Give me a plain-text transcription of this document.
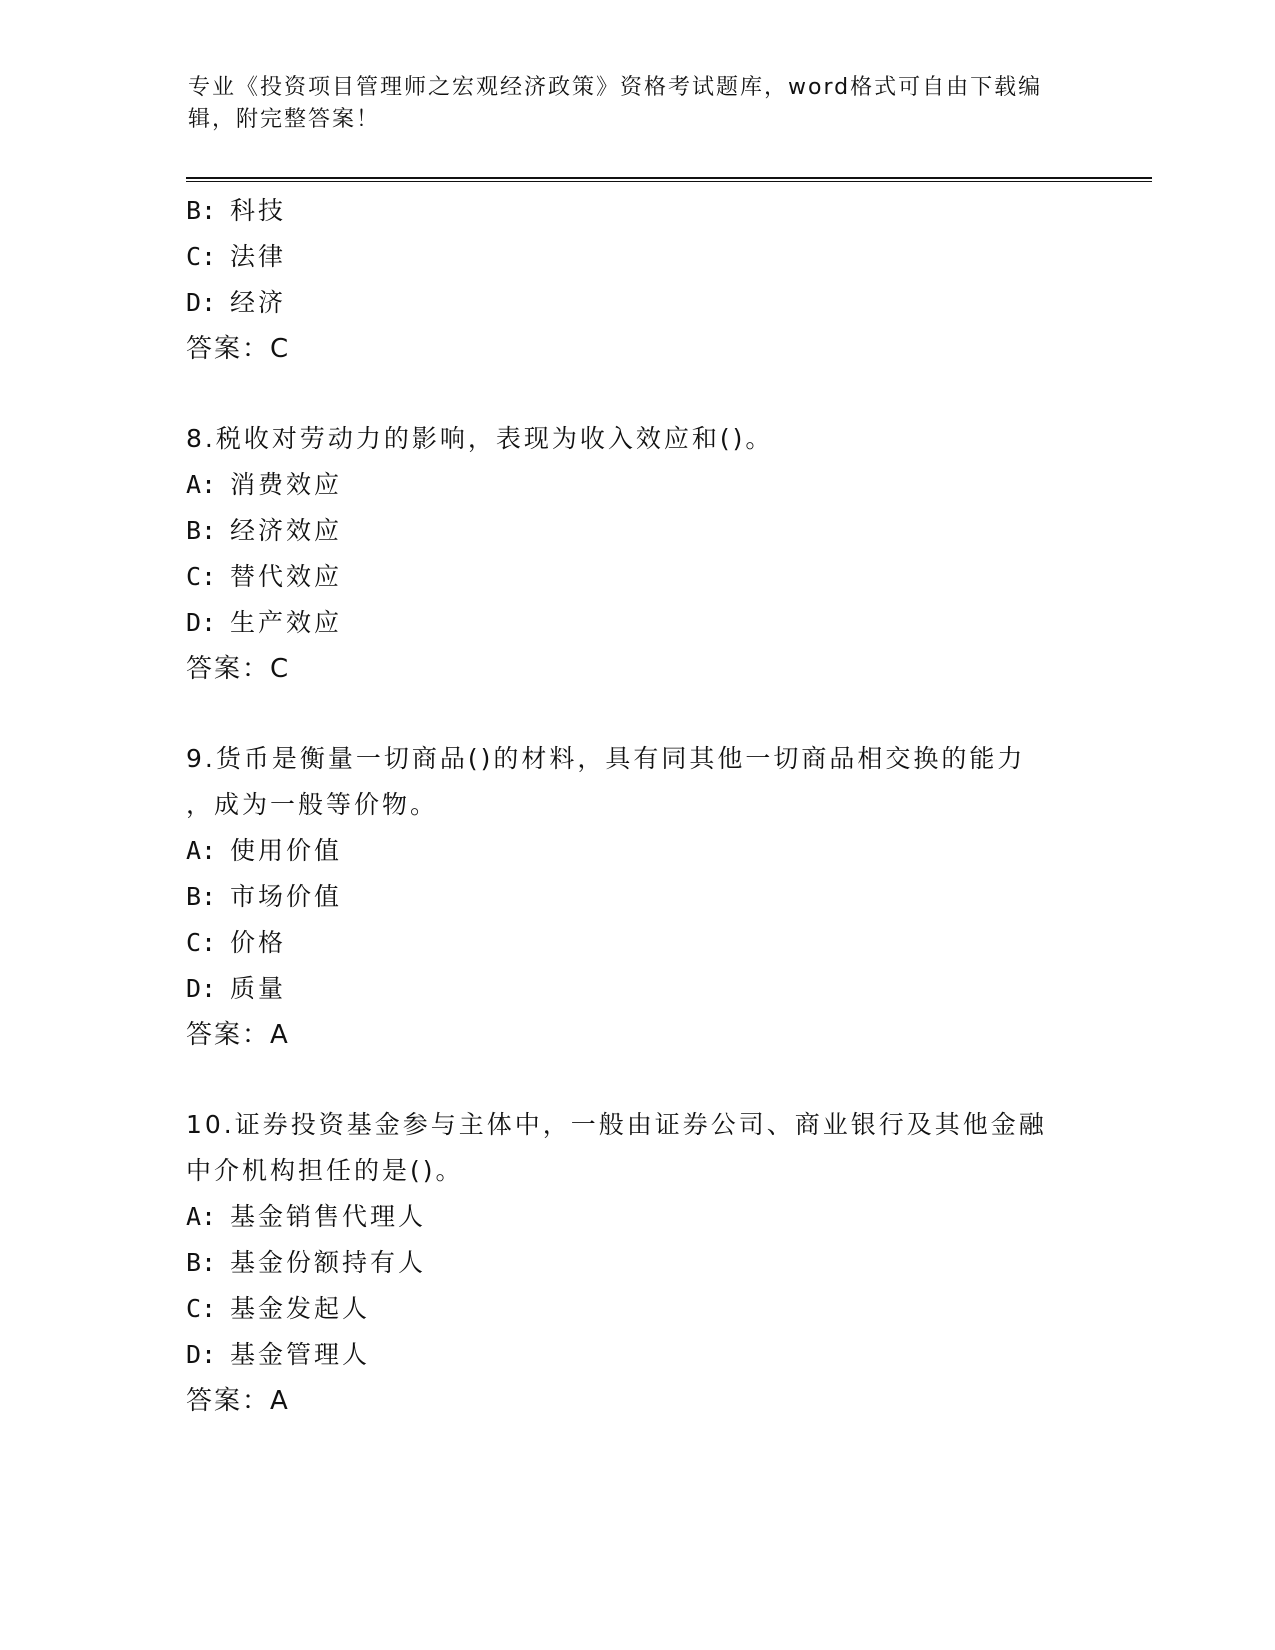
专业《投资项目管理师之宏观经济政策》资格考试题库，word格式可自由下载编辑，附完整答案！
B: 科技
C: 法律
D: 经济
答案：C
8.税收对劳动力的影响，表现为收入效应和()。
A: 消费效应
B: 经济效应
C: 替代效应
D: 生产效应
答案：C
9.货币是衡量一切商品()的材料，具有同其他一切商品相交换的能力
，成为一般等价物。
A: 使用价值
B: 市场价值
C: 价格
D: 质量
答案：A
10.证券投资基金参与主体中，一般由证券公司、商业银行及其他金融
中介机构担任的是()。
A: 基金销售代理人
B: 基金份额持有人
C: 基金发起人
D: 基金管理人
答案：A
